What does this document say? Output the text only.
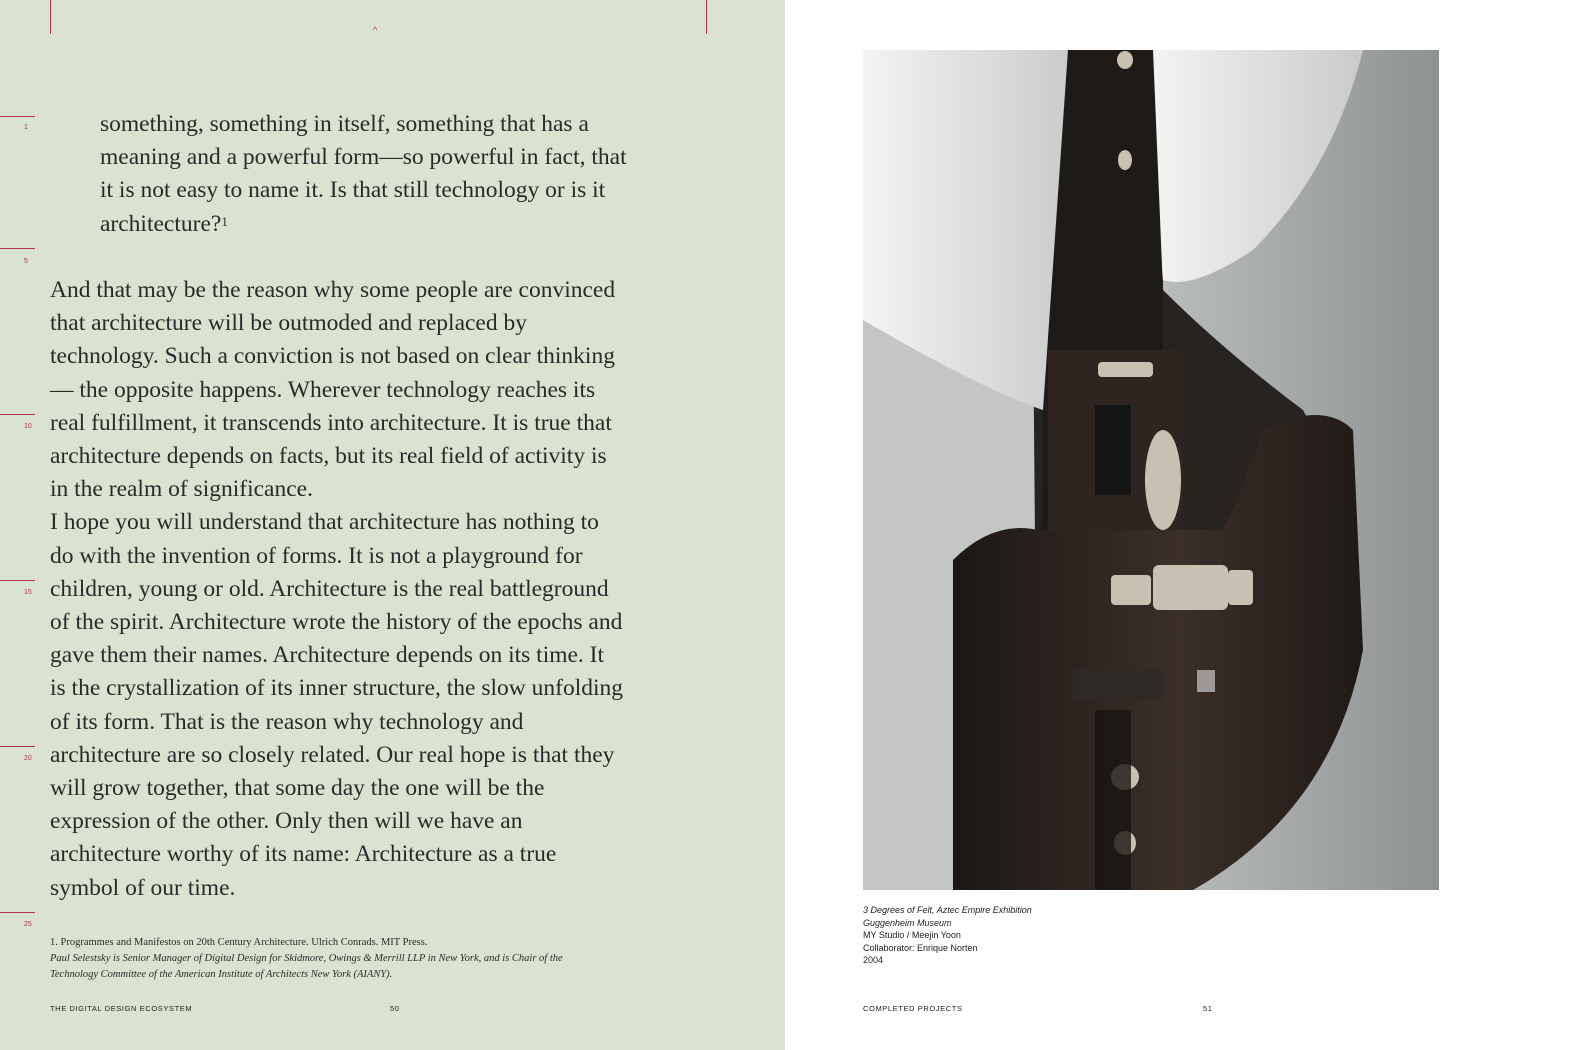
^
1
5
10
15
20
25
something, something in itself, something that has a
meaning and a powerful form—so powerful in fact, that
it is not easy to name it. Is that still technology or is it
architecture?$^1$
And that may be the reason why some people are convinced
that architecture will be outmoded and replaced by
technology. Such a conviction is not based on clear thinking
— the opposite happens. Wherever technology reaches its
real fulfillment, it transcends into architecture. It is true that
architecture depends on facts, but its real field of activity is
in the realm of significance.
I hope you will understand that architecture has nothing to
do with the invention of forms. It is not a playground for
children, young or old. Architecture is the real battleground
of the spirit. Architecture wrote the history of the epochs and
gave them their names. Architecture depends on its time. It
is the crystallization of its inner structure, the slow unfolding
of its form. That is the reason why technology and
architecture are so closely related. Our real hope is that they
will grow together, that some day the one will be the
expression of the other. Only then will we have an
architecture worthy of its name: Architecture as a true
symbol of our time.
1. Programmes and Manifestos on 20th Century Architecture. Ulrich Conrads. MIT Press.
Paul Selestsky is Senior Manager of Digital Design for Skidmore, Owings & Merrill LLP in New York, and is Chair of the
Technology Committee of the American Institute of Architects New York (AIANY).
THE DIGITAL DESIGN ECOSYSTEM	50
3 Degrees of Felt, Aztec Empire Exhibition
Guggenheim Museum
MY Studio / Meejin Yoon
Collaborator: Enrique Norten
2004
COMPLETED PROJECTS	51
